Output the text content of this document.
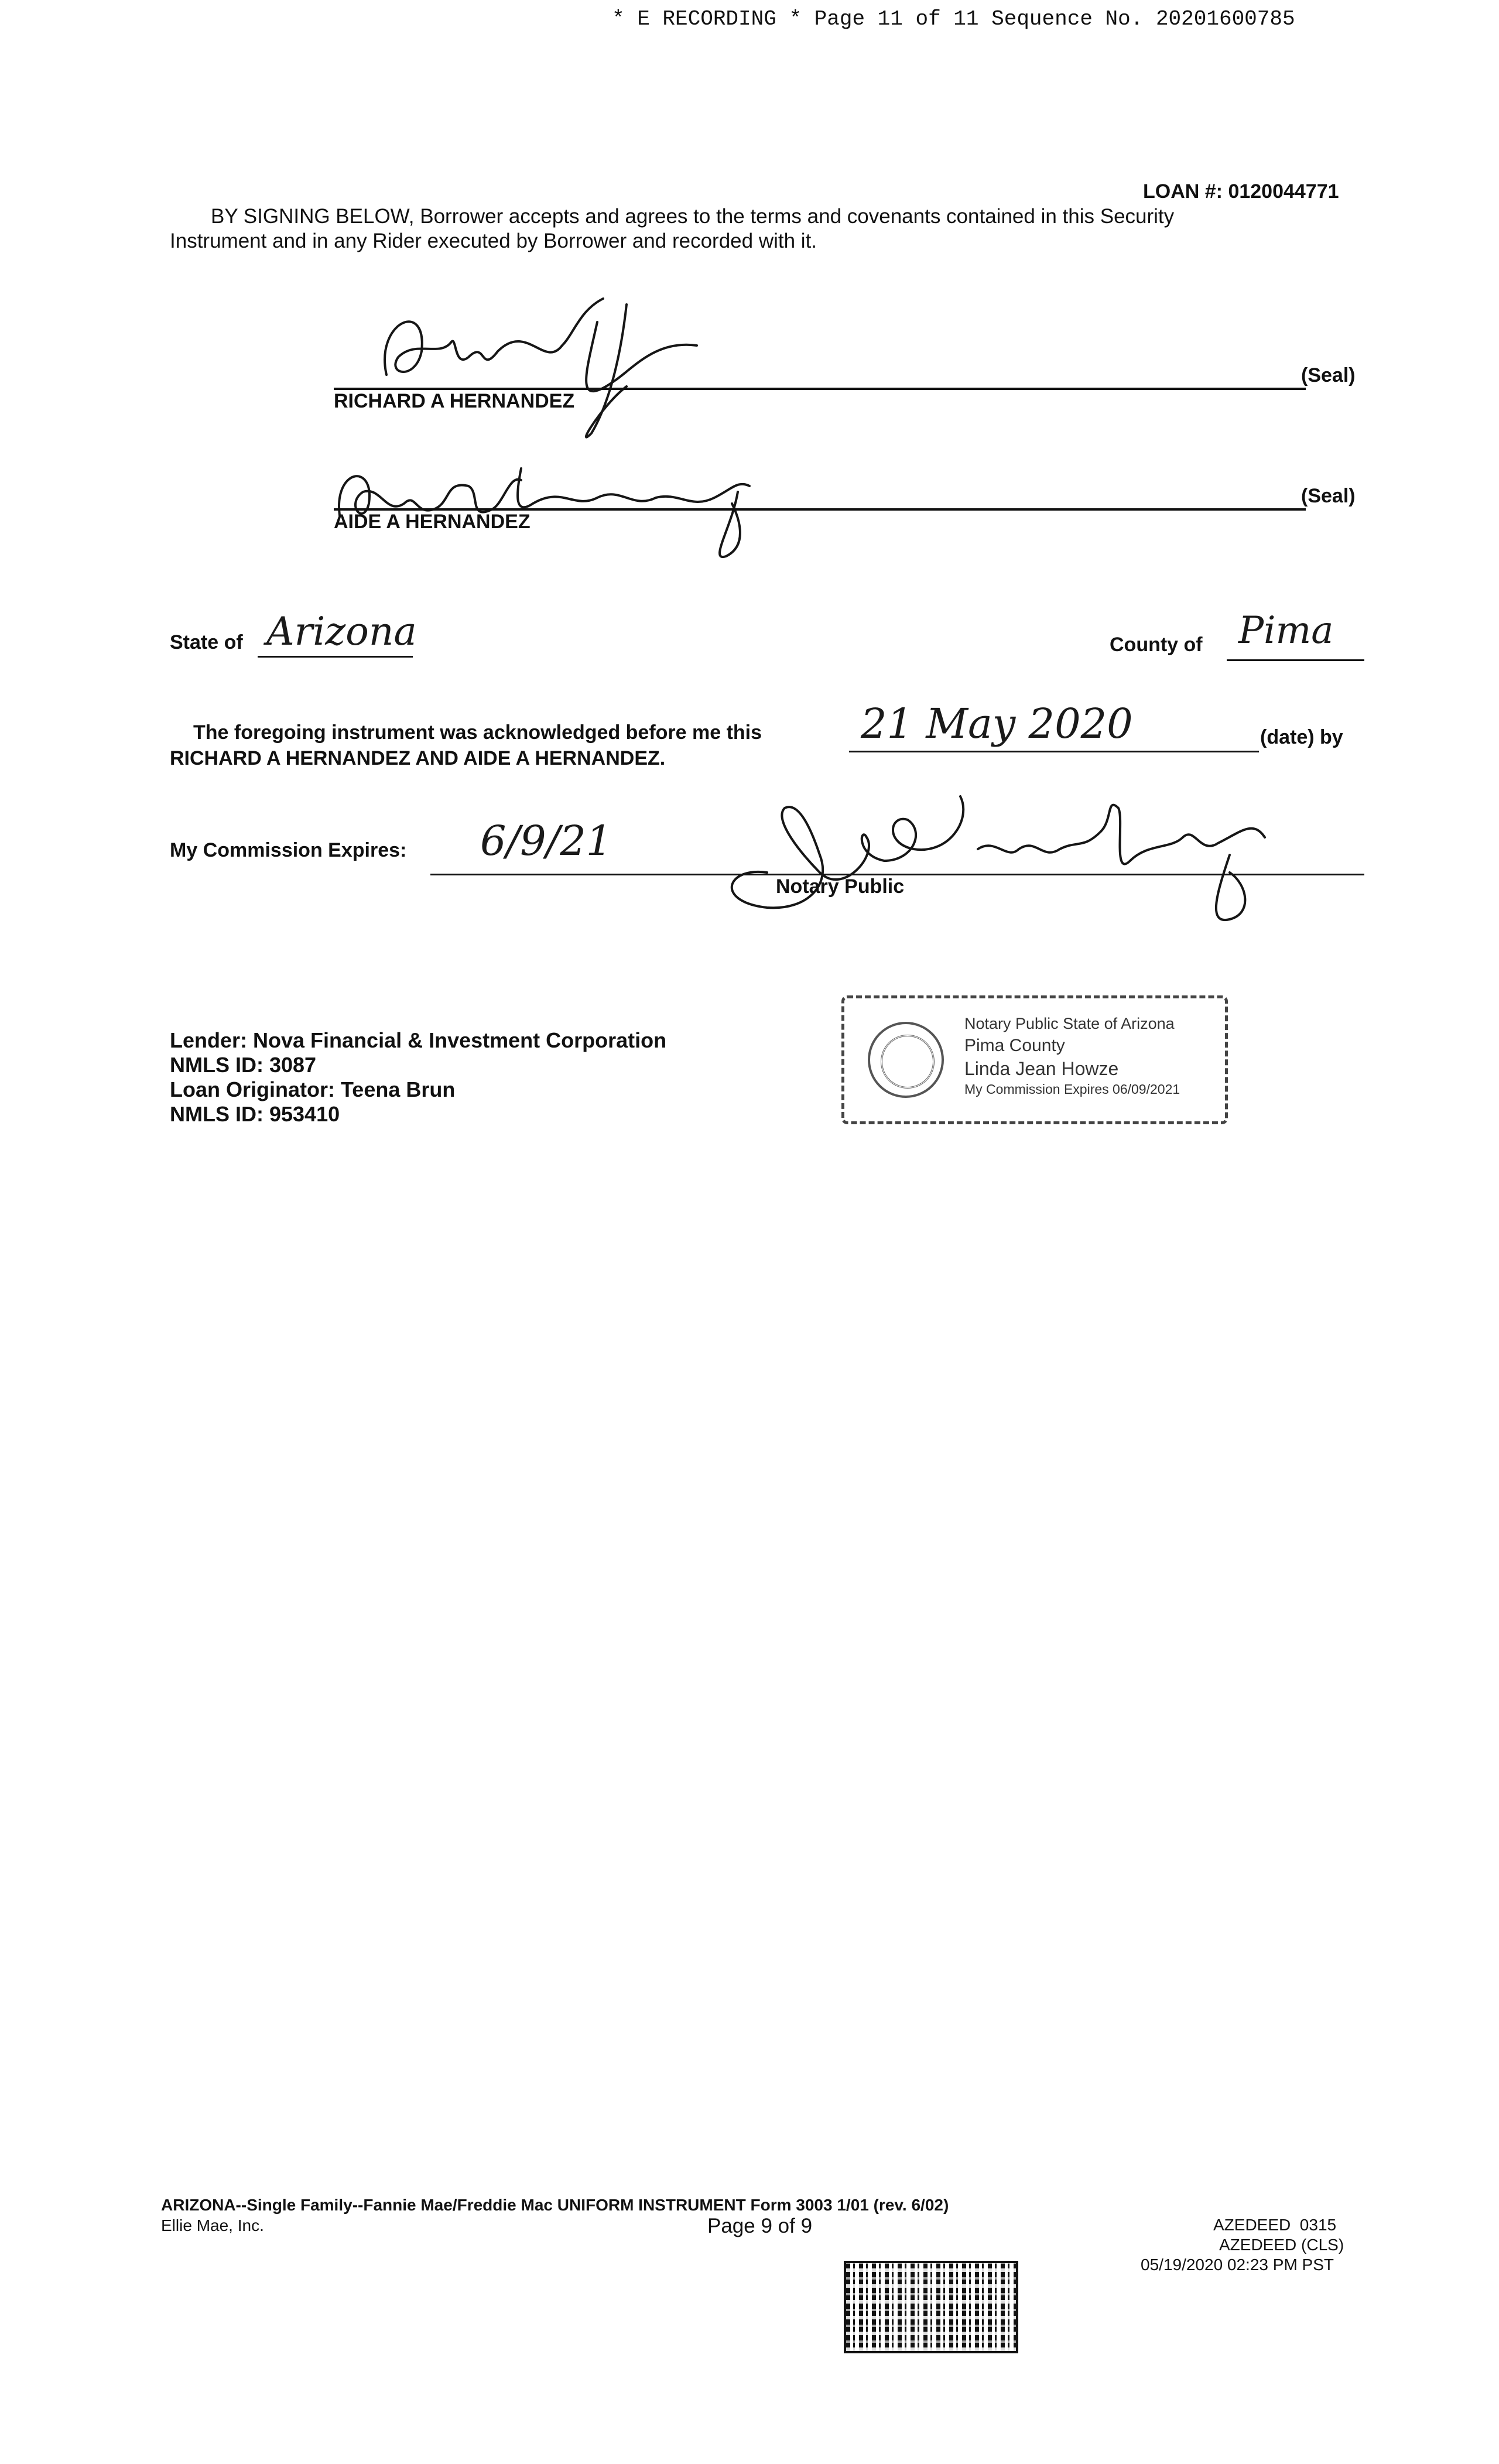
* E RECORDING * Page 11 of 11 Sequence No. 20201600785
LOAN #: 0120044771
BY SIGNING BELOW, Borrower accepts and agrees to the terms and covenants contained in this Security
Instrument and in any Rider executed by Borrower and recorded with it.
(Seal)
RICHARD A HERNANDEZ
(Seal)
AIDE A HERNANDEZ
State of Arizona	County of Pima
The foregoing instrument was acknowledged before me this 21 May 2020	(date) by
RICHARD A HERNANDEZ AND AIDE A HERNANDEZ.
My Commission Expires: 6/9/21
Notary Public
Notary Public State of Arizona
Pima County
Linda Jean Howze
My Commission Expires 06/09/2021
Lender: Nova Financial & Investment Corporation
NMLS ID: 3087
Loan Originator: Teena Brun
NMLS ID: 953410
ARIZONA--Single Family--Fannie Mae/Freddie Mac UNIFORM INSTRUMENT Form 3003 1/01 (rev. 6/02)
Ellie Mae, Inc.	Page 9 of 9	AZEDEED  0315
AZEDEED (CLS)
05/19/2020 02:23 PM PST
